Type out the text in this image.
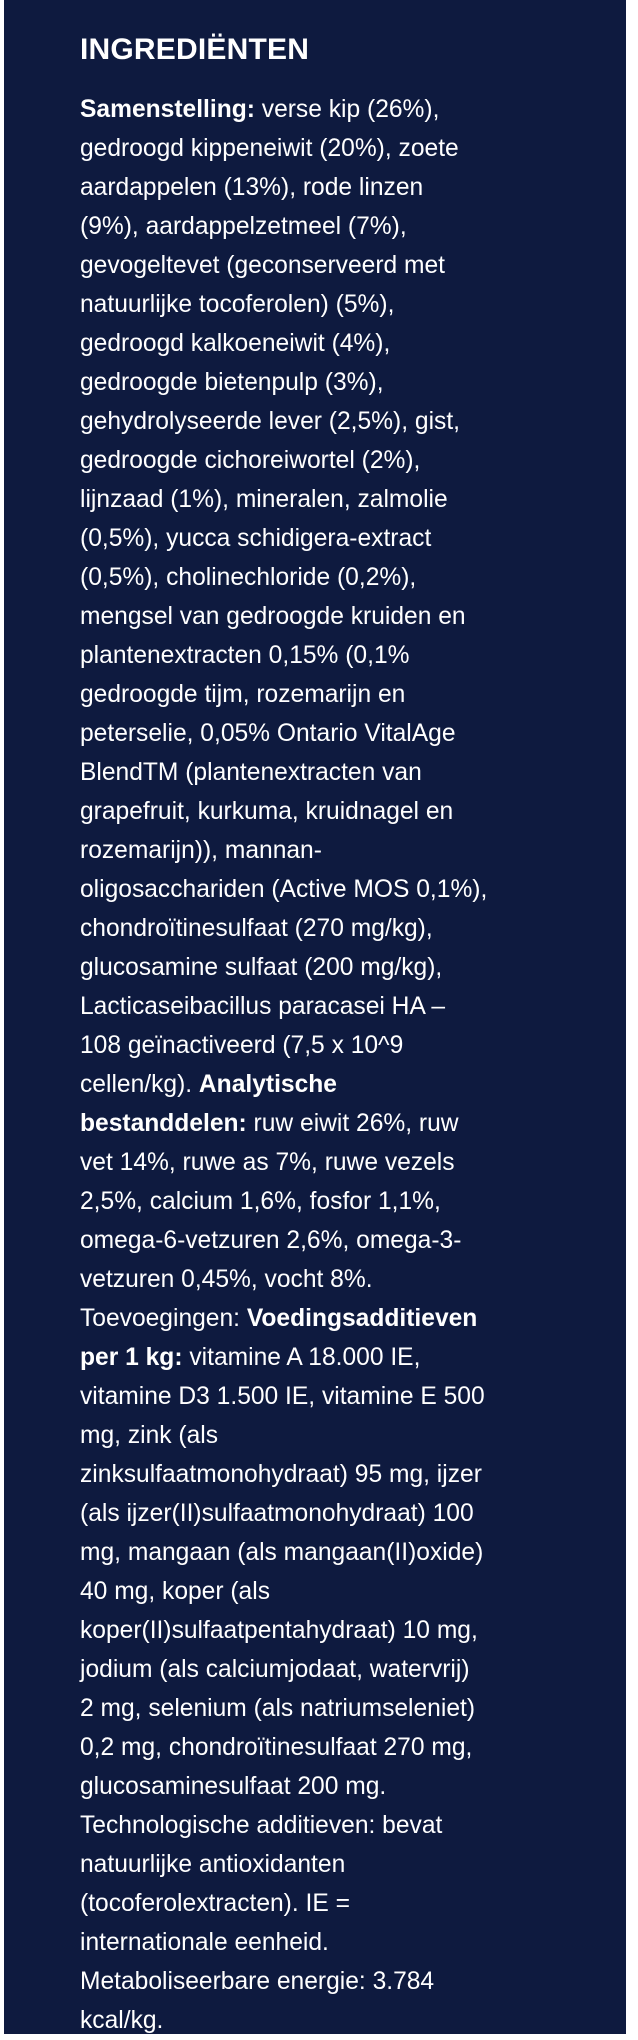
INGREDIËNTEN
Samenstelling: verse kip (26%),
gedroogd kippeneiwit (20%), zoete
aardappelen (13%), rode linzen
(9%), aardappelzetmeel (7%),
gevogeltevet (geconserveerd met
natuurlijke tocoferolen) (5%),
gedroogd kalkoeneiwit (4%),
gedroogde bietenpulp (3%),
gehydrolyseerde lever (2,5%), gist,
gedroogde cichoreiwortel (2%),
lijnzaad (1%), mineralen, zalmolie
(0,5%), yucca schidigera-extract
(0,5%), cholinechloride (0,2%),
mengsel van gedroogde kruiden en
plantenextracten 0,15% (0,1%
gedroogde tijm, rozemarijn en
peterselie, 0,05% Ontario VitalAge
BlendTM (plantenextracten van
grapefruit, kurkuma, kruidnagel en
rozemarijn)), mannan-
oligosacchariden (Active MOS 0,1%),
chondroïtinesulfaat (270 mg/kg),
glucosamine sulfaat (200 mg/kg),
Lacticaseibacillus paracasei HA –
108 geïnactiveerd (7,5 x 10^9
cellen/kg). Analytische
bestanddelen: ruw eiwit 26%, ruw
vet 14%, ruwe as 7%, ruwe vezels
2,5%, calcium 1,6%, fosfor 1,1%,
omega-6-vetzuren 2,6%, omega-3-
vetzuren 0,45%, vocht 8%.
Toevoegingen: Voedingsadditieven
per 1 kg: vitamine A 18.000 IE,
vitamine D3 1.500 IE, vitamine E 500
mg, zink (als
zinksulfaatmonohydraat) 95 mg, ijzer
(als ijzer(II)sulfaatmonohydraat) 100
mg, mangaan (als mangaan(II)oxide)
40 mg, koper (als
koper(II)sulfaatpentahydraat) 10 mg,
jodium (als calciumjodaat, watervrij)
2 mg, selenium (als natriumseleniet)
0,2 mg, chondroïtinesulfaat 270 mg,
glucosaminesulfaat 200 mg.
Technologische additieven: bevat
natuurlijke antioxidanten
(tocoferolextracten). IE =
internationale eenheid.
Metaboliseerbare energie: 3.784
kcal/kg.
